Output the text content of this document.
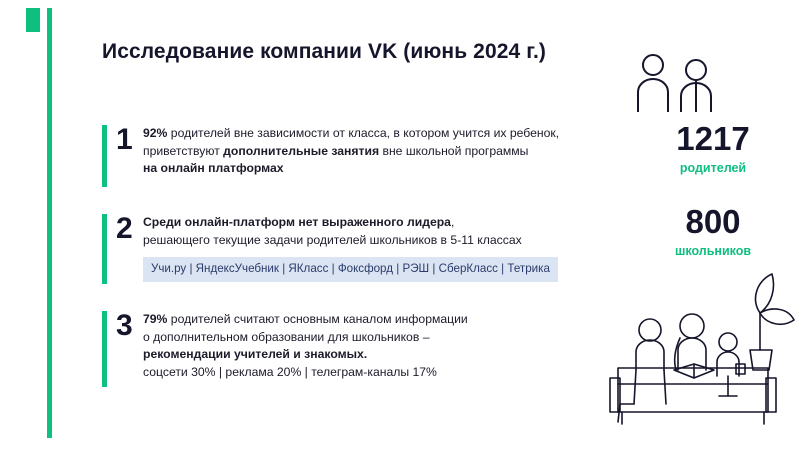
Исследование компании VK (июнь 2024 г.)
1 92% родителей вне зависимости от класса, в котором учится их ребенок,
приветствуют дополнительные занятия вне школьной программы
на онлайн платформах
2 Среди онлайн-платформ нет выраженного лидера,
решающего текущие задачи родителей школьников в 5-11 классах
Учи.ру | ЯндексУчебник | ЯКласс | Фоксфорд | РЭШ | СберКласс | Тетрика
3 79% родителей считают основным каналом информации
о дополнительном образовании для школьников –
рекомендации учителей и знакомых.
соцсети 30% | реклама 20% | телеграм-каналы 17%
1217
родителей
800
школьников
